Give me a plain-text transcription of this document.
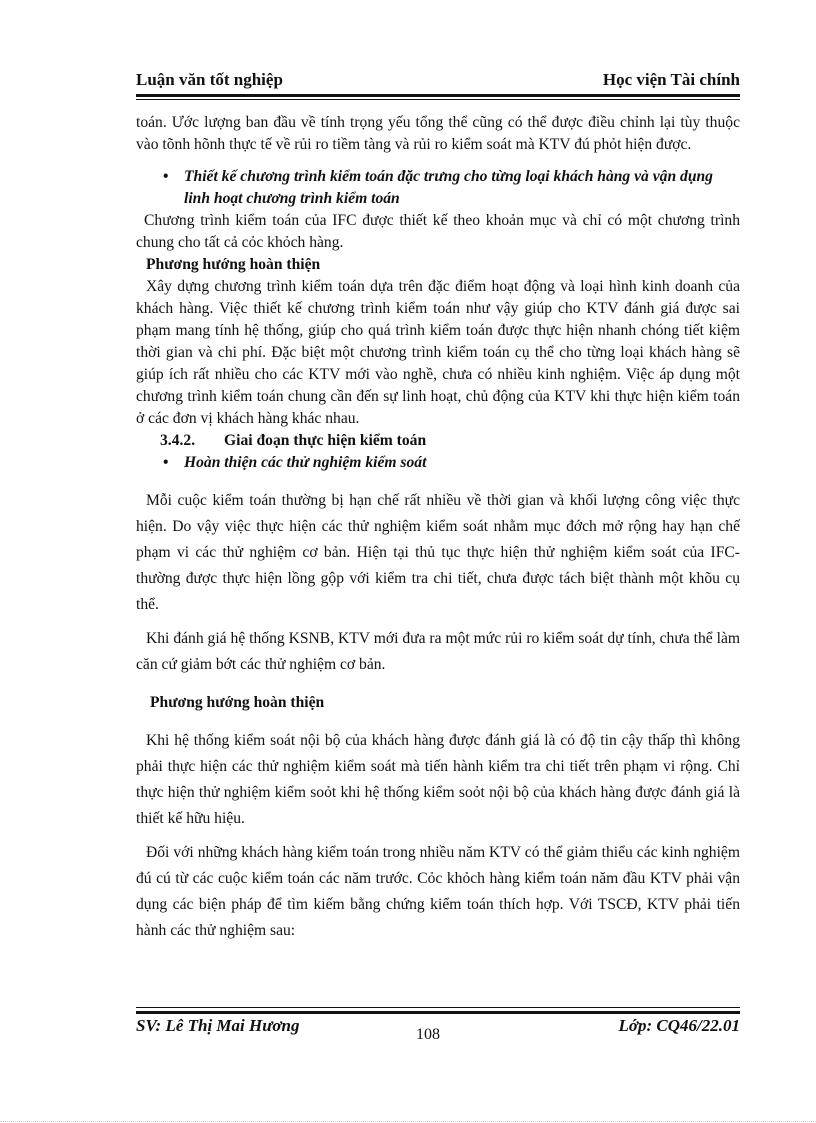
Luận văn tốt nghiệp	Học viện Tài chính

toán. Ước lượng ban đầu về tính trọng yếu tổng thể cũng có thể được điều chỉnh lại tùy thuộc vào tõnh hõnh thực tế về rủi ro tiềm tàng và rủi ro kiểm soát mà KTV đú phỏt hiện được.

• Thiết kế chương trình kiểm toán đặc trưng cho từng loại khách hàng và vận dụng linh hoạt chương trình kiểm toán

Chương trình kiểm toán của IFC được thiết kế theo khoản mục và chỉ có một chương trình chung cho tất cả cỏc khỏch hàng.

Phương hướng hoàn thiện

Xây dựng chương trình kiểm toán dựa trên đặc điểm hoạt động và loại hình kinh doanh của khách hàng. Việc thiết kế chương trình kiểm toán như vậy giúp cho KTV đánh giá được sai phạm mang tính hệ thống, giúp cho quá trình kiểm toán được thực hiện nhanh chóng tiết kiệm thời gian và chi phí. Đặc biệt một chương trình kiểm toán cụ thể cho từng loại khách hàng sẽ giúp ích rất nhiều cho các KTV mới vào nghề, chưa có nhiều kinh nghiệm. Việc áp dụng một chương trình kiểm toán chung cần đến sự linh hoạt, chủ động của KTV khi thực hiện kiểm toán ở các đơn vị khách hàng khác nhau.

3.4.2. Giai đoạn thực hiện kiểm toán
• Hoàn thiện các thử nghiệm kiểm soát

Mỗi cuộc kiểm toán thường bị hạn chế rất nhiều về thời gian và khối lượng công việc thực hiện. Do vậy việc thực hiện các thử nghiệm kiểm soát nhằm mục đớch mở rộng hay hạn chế phạm vi các thử nghiệm cơ bản. Hiện tại thủ tục thực hiện thử nghiệm kiểm soát của IFC- thường được thực hiện lồng gộp với kiểm tra chi tiết, chưa được tách biệt thành một khõu cụ thể.

Khi đánh giá hệ thống KSNB, KTV mới đưa ra một mức rủi ro kiểm soát dự tính, chưa thể làm căn cứ giảm bớt các thử nghiệm cơ bản.

Phương hướng hoàn thiện

Khi hệ thống kiểm soát nội bộ của khách hàng được đánh giá là có độ tin cậy thấp thì không phải thực hiện các thử nghiệm kiểm soát mà tiến hành kiểm tra chi tiết trên phạm vi rộng. Chỉ thực hiện thử nghiệm kiểm soỏt khi hệ thống kiểm soỏt nội bộ của khách hàng được đánh giá là thiết kế hữu hiệu.

Đối với những khách hàng kiểm toán trong nhiều năm KTV có thể giảm thiểu các kinh nghiệm đú cú từ các cuộc kiểm toán các năm trước. Cỏc khỏch hàng kiểm toán năm đầu KTV phải vận dụng các biện pháp để tìm kiếm bằng chứng kiểm toán thích hợp. Với TSCĐ, KTV phải tiến hành các thử nghiệm sau:

SV: Lê Thị Mai Hương	108	Lớp: CQ46/22.01
